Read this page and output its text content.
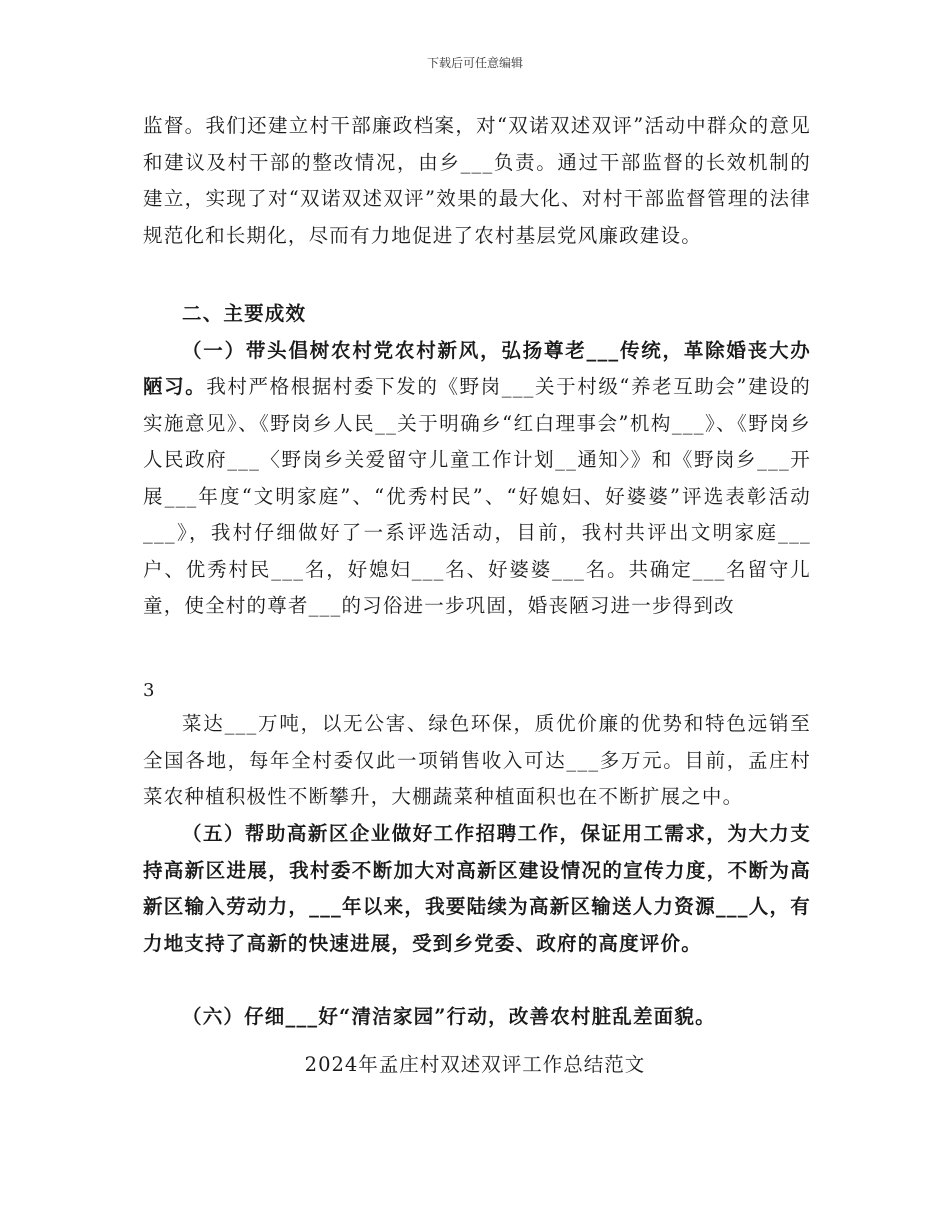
下载后可任意编辑

监督。我们还建立村干部廉政档案，对“双诺双述双评”活动中群众的意见和建议及村干部的整改情况，由乡___负责。通过干部监督的长效机制的建立，实现了对“双诺双述双评”效果的最大化、对村干部监督管理的法律规范化和长期化，尽而有力地促进了农村基层党风廉政建设。

二、主要成效

（一）带头倡树农村党农村新风，弘扬尊老___传统，革除婚丧大办陋习。我村严格根据村委下发的《野岗___关于村级“养老互助会”建设的实施意见》、《野岗乡人民__关于明确乡“红白理事会”机构___》、《野岗乡人民政府___〈野岗乡关爱留守儿童工作计划__通知〉》和《野岗乡___开展___年度“文明家庭”、“优秀村民”、“好媳妇、好婆婆”评选表彰活动___》，我村仔细做好了一系评选活动，目前，我村共评出文明家庭___户、优秀村民___名，好媳妇___名、好婆婆___名。共确定___名留守儿童，使全村的尊者___的习俗进一步巩固，婚丧陋习进一步得到改

3

菜达___万吨，以无公害、绿色环保，质优价廉的优势和特色远销至全国各地，每年全村委仅此一项销售收入可达___多万元。目前，孟庄村菜农种植积极性不断攀升，大棚蔬菜种植面积也在不断扩展之中。

（五）帮助高新区企业做好工作招聘工作，保证用工需求，为大力支持高新区进展，我村委不断加大对高新区建设情况的宣传力度，不断为高新区输入劳动力，___年以来，我要陆续为高新区输送人力资源___人，有力地支持了高新的快速进展，受到乡党委、政府的高度评价。

（六）仔细___好“清洁家园”行动，改善农村脏乱差面貌。

2024年孟庄村双述双评工作总结范文
